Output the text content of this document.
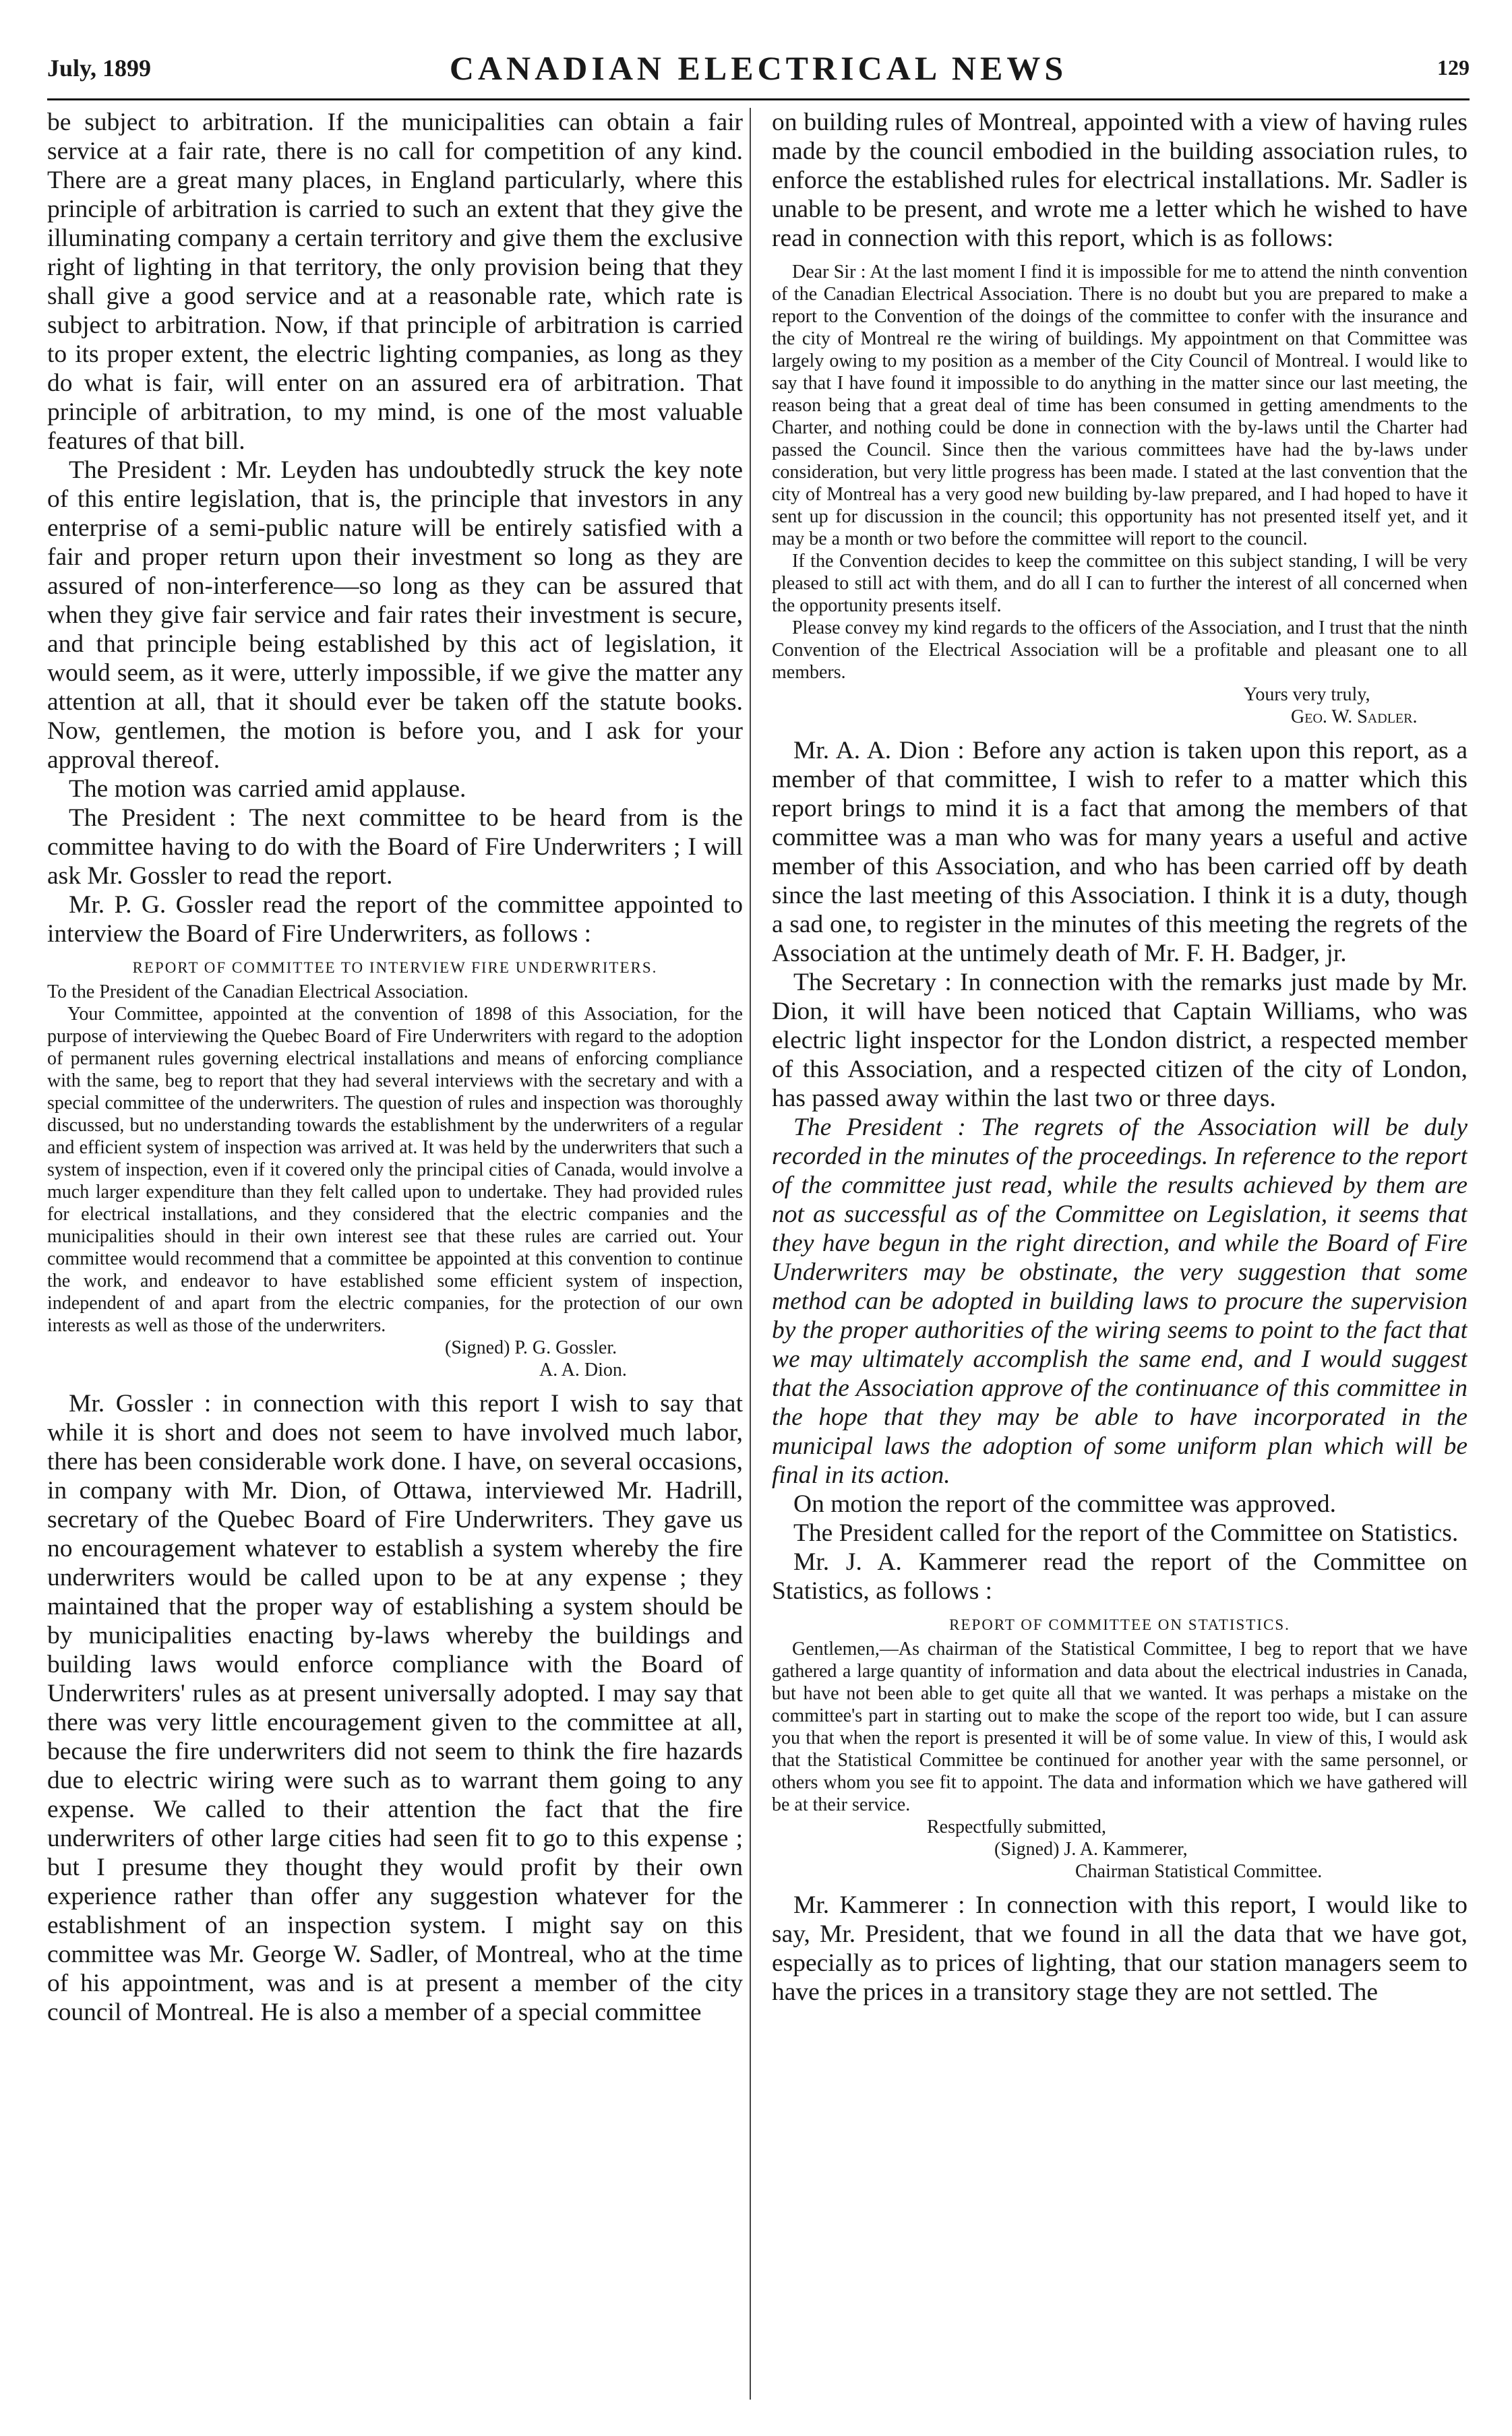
July, 1899	CANADIAN ELECTRICAL NEWS	129

be subject to arbitration. If the municipalities can obtain a fair service at a fair rate, there is no call for competition of any kind. There are a great many places, in England particularly, where this principle of arbitration is carried to such an extent that they give the illuminating company a certain territory and give them the exclusive right of lighting in that territory, the only provision being that they shall give a good service and at a reasonable rate, which rate is subject to arbitration. Now, if that principle of arbitration is carried to its proper extent, the electric lighting companies, as long as they do what is fair, will enter on an assured era of arbitration. That principle of arbitration, to my mind, is one of the most valuable features of that bill.

The President : Mr. Leyden has undoubtedly struck the key note of this entire legislation, that is, the principle that investors in any enterprise of a semi-public nature will be entirely satisfied with a fair and proper return upon their investment so long as they are assured of non-interference—so long as they can be assured that when they give fair service and fair rates their investment is secure, and that principle being established by this act of legislation, it would seem, as it were, utterly impossible, if we give the matter any attention at all, that it should ever be taken off the statute books. Now, gentlemen, the motion is before you, and I ask for your approval thereof.

The motion was carried amid applause.

The President : The next committee to be heard from is the committee having to do with the Board of Fire Underwriters ; I will ask Mr. Gossler to read the report.

Mr. P. G. Gossler read the report of the committee appointed to interview the Board of Fire Underwriters, as follows :

REPORT OF COMMITTEE TO INTERVIEW FIRE UNDERWRITERS.

To the President of the Canadian Electrical Association.

Your Committee, appointed at the convention of 1898 of this Association, for the purpose of interviewing the Quebec Board of Fire Underwriters with regard to the adoption of permanent rules governing electrical installations and means of enforcing compliance with the same, beg to report that they had several interviews with the secretary and with a special committee of the underwriters. The question of rules and inspection was thoroughly discussed, but no understanding towards the establishment by the underwriters of a regular and efficient system of inspection was arrived at. It was held by the underwriters that such a system of inspection, even if it covered only the principal cities of Canada, would involve a much larger expenditure than they felt called upon to undertake. They had provided rules for electrical installations, and they considered that the electric companies and the municipalities should in their own interest see that these rules are carried out. Your committee would recommend that a committee be appointed at this convention to continue the work, and endeavor to have established some efficient system of inspection, independent of and apart from the electric companies, for the protection of our own interests as well as those of the underwriters.

(Signed) P. G. Gossler.

A. A. Dion.

Mr. Gossler : in connection with this report I wish to say that while it is short and does not seem to have involved much labor, there has been considerable work done. I have, on several occasions, in company with Mr. Dion, of Ottawa, interviewed Mr. Hadrill, secretary of the Quebec Board of Fire Underwriters. They gave us no encouragement whatever to establish a system whereby the fire underwriters would be called upon to be at any expense ; they maintained that the proper way of establishing a system should be by municipalities enacting by-laws whereby the buildings and building laws would enforce compliance with the Board of Underwriters' rules as at present universally adopted. I may say that there was very little encouragement given to the committee at all, because the fire underwriters did not seem to think the fire hazards due to electric wiring were such as to warrant them going to any expense. We called to their attention the fact that the fire underwriters of other large cities had seen fit to go to this expense ; but I presume they thought they would profit by their own experience rather than offer any suggestion whatever for the establishment of an inspection system. I might say on this committee was Mr. George W. Sadler, of Montreal, who at the time of his appointment, was and is at present a member of the city council of Montreal. He is also a member of a special committee

on building rules of Montreal, appointed with a view of having rules made by the council embodied in the building association rules, to enforce the established rules for electrical installations. Mr. Sadler is unable to be present, and wrote me a letter which he wished to have read in connection with this report, which is as follows:

Dear Sir : At the last moment I find it is impossible for me to attend the ninth convention of the Canadian Electrical Association. There is no doubt but you are prepared to make a report to the Convention of the doings of the committee to confer with the insurance and the city of Montreal re the wiring of buildings. My appointment on that Committee was largely owing to my position as a member of the City Council of Montreal. I would like to say that I have found it impossible to do anything in the matter since our last meeting, the reason being that a great deal of time has been consumed in getting amendments to the Charter, and nothing could be done in connection with the by-laws until the Charter had passed the Council. Since then the various committees have had the by-laws under consideration, but very little progress has been made. I stated at the last convention that the city of Montreal has a very good new building by-law prepared, and I had hoped to have it sent up for discussion in the council; this opportunity has not presented itself yet, and it may be a month or two before the committee will report to the council.

If the Convention decides to keep the committee on this subject standing, I will be very pleased to still act with them, and do all I can to further the interest of all concerned when the opportunity presents itself.

Please convey my kind regards to the officers of the Association, and I trust that the ninth Convention of the Electrical Association will be a profitable and pleasant one to all members.

Yours very truly,

Geo. W. Sadler.

Mr. A. A. Dion : Before any action is taken upon this report, as a member of that committee, I wish to refer to a matter which this report brings to mind it is a fact that among the members of that committee was a man who was for many years a useful and active member of this Association, and who has been carried off by death since the last meeting of this Association. I think it is a duty, though a sad one, to register in the minutes of this meeting the regrets of the Association at the untimely death of Mr. F. H. Badger, jr.

The Secretary : In connection with the remarks just made by Mr. Dion, it will have been noticed that Captain Williams, who was electric light inspector for the London district, a respected member of this Association, and a respected citizen of the city of London, has passed away within the last two or three days.

The President : The regrets of the Association will be duly recorded in the minutes of the proceedings. In reference to the report of the committee just read, while the results achieved by them are not as successful as of the Committee on Legislation, it seems that they have begun in the right direction, and while the Board of Fire Underwriters may be obstinate, the very suggestion that some method can be adopted in building laws to procure the supervision by the proper authorities of the wiring seems to point to the fact that we may ultimately accomplish the same end, and I would suggest that the Association approve of the continuance of this committee in the hope that they may be able to have incorporated in the municipal laws the adoption of some uniform plan which will be final in its action.

On motion the report of the committee was approved.

The President called for the report of the Committee on Statistics.

Mr. J. A. Kammerer read the report of the Committee on Statistics, as follows :

REPORT OF COMMITTEE ON STATISTICS.

Gentlemen,—As chairman of the Statistical Committee, I beg to report that we have gathered a large quantity of information and data about the electrical industries in Canada, but have not been able to get quite all that we wanted. It was perhaps a mistake on the committee's part in starting out to make the scope of the report too wide, but I can assure you that when the report is presented it will be of some value. In view of this, I would ask that the Statistical Committee be continued for another year with the same personnel, or others whom you see fit to appoint. The data and information which we have gathered will be at their service.

Respectfully submitted,

(Signed) J. A. Kammerer,

Chairman Statistical Committee.

Mr. Kammerer : In connection with this report, I would like to say, Mr. President, that we found in all the data that we have got, especially as to prices of lighting, that our station managers seem to have the prices in a transitory stage they are not settled. The
